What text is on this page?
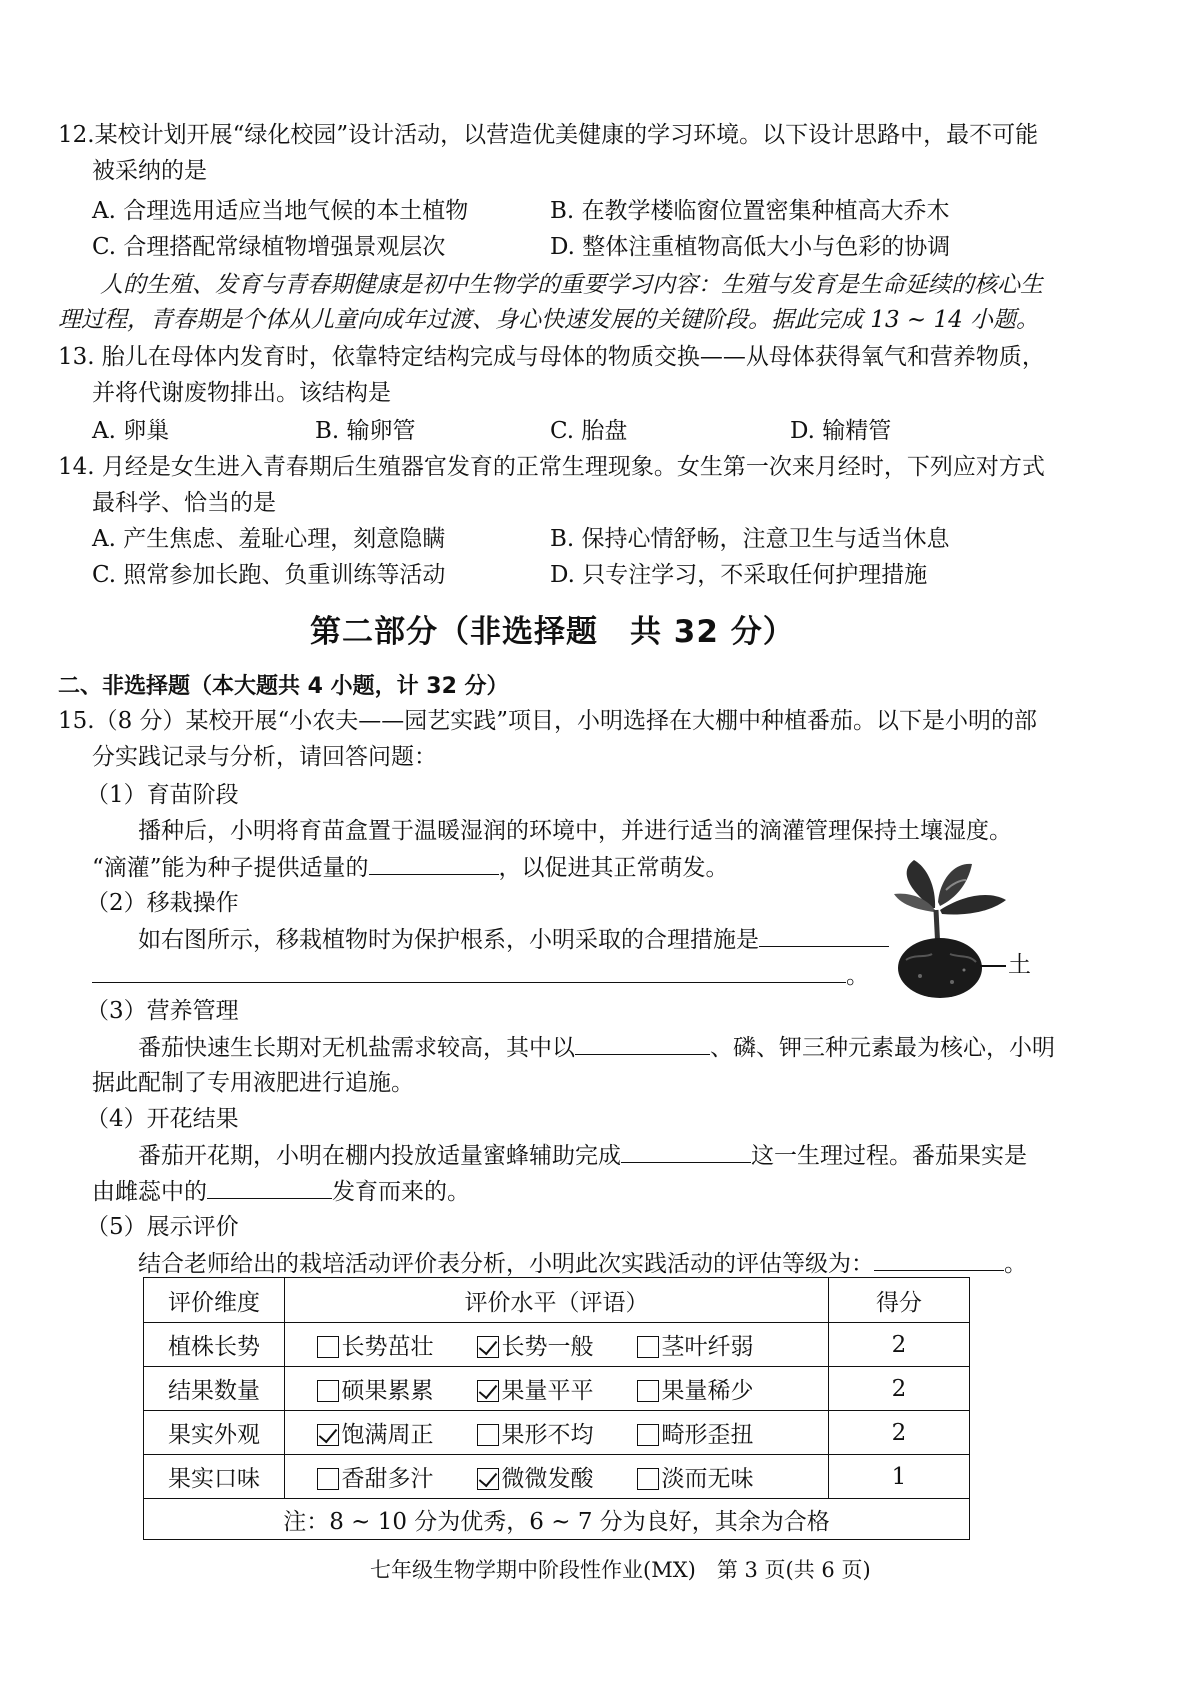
12.某校计划开展“绿化校园”设计活动，以营造优美健康的学习环境。以下设计思路中，最不可能
被采纳的是
A. 合理选用适应当地气候的本土植物	B. 在教学楼临窗位置密集种植高大乔木
C. 合理搭配常绿植物增强景观层次	D. 整体注重植物高低大小与色彩的协调
人的生殖、发育与青春期健康是初中生物学的重要学习内容：生殖与发育是生命延续的核心生
理过程，青春期是个体从儿童向成年过渡、身心快速发展的关键阶段。据此完成 13 ~ 14 小题。
13. 胎儿在母体内发育时，依靠特定结构完成与母体的物质交换——从母体获得氧气和营养物质，
并将代谢废物排出。该结构是
A. 卵巢	B. 输卵管	C. 胎盘	D. 输精管
14. 月经是女生进入青春期后生殖器官发育的正常生理现象。女生第一次来月经时，下列应对方式
最科学、恰当的是
A. 产生焦虑、羞耻心理，刻意隐瞒	B. 保持心情舒畅，注意卫生与适当休息
C. 照常参加长跑、负重训练等活动	D. 只专注学习，不采取任何护理措施
第二部分（非选择题　共 32 分）
二、非选择题（本大题共 4 小题，计 32 分）
15.（8 分）某校开展“小农夫——园艺实践”项目，小明选择在大棚中种植番茄。以下是小明的部
分实践记录与分析，请回答问题：
（1）育苗阶段
播种后，小明将育苗盒置于温暖湿润的环境中，并进行适当的滴灌管理保持土壤湿度。
“滴灌”能为种子提供适量的	，以促进其正常萌发。
（2）移栽操作
如右图所示，移栽植物时为保护根系，小明采取的合理措施是
。	土
（3）营养管理
番茄快速生长期对无机盐需求较高，其中以	、磷、钾三种元素最为核心，小明
据此配制了专用液肥进行追施。
（4）开花结果
番茄开花期，小明在棚内投放适量蜜蜂辅助完成	这一生理过程。番茄果实是
由雌蕊中的	发育而来的。
（5）展示评价
结合老师给出的栽培活动评价表分析，小明此次实践活动的评估等级为：	。
评价维度	评价水平（评语）	得分
植株长势	长势茁壮 长势一般 茎叶纤弱	2
结果数量	硕果累累 果量平平 果量稀少	2
果实外观	饱满周正 果形不均 畸形歪扭	2
果实口味	香甜多汁 微微发酸 淡而无味	1
注：8 ~ 10 分为优秀，6 ~ 7 分为良好，其余为合格		
七年级生物学期中阶段性作业(MX)　第 3 页(共 6 页)
